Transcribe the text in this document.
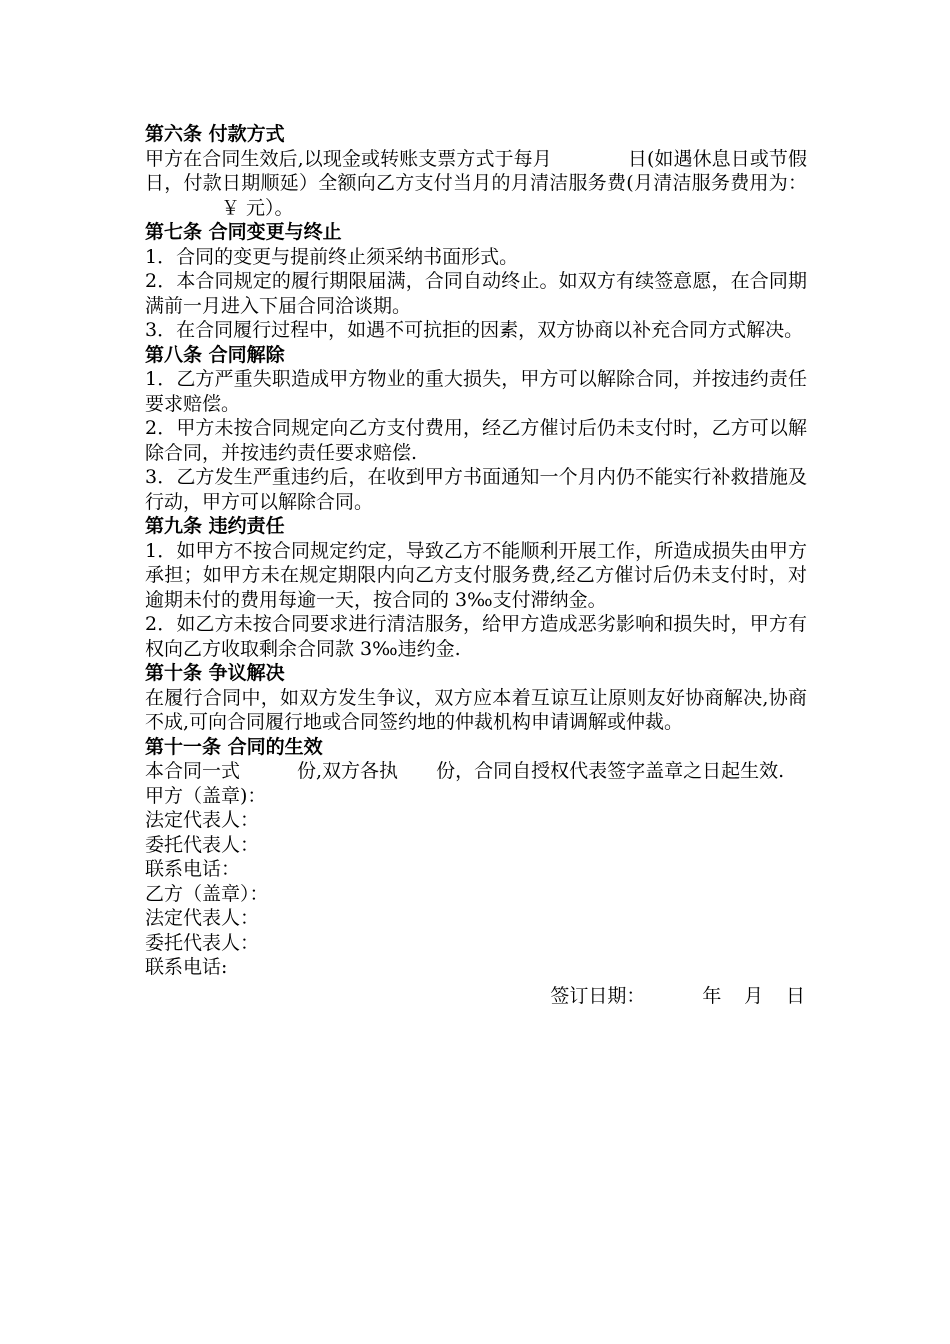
第六条 付款方式
甲方在合同生效后,以现金或转账支票方式于每月	日(如遇休息日或节假日，付款日期顺延）全额向乙方支付当月的月清洁服务费(月清洁服务费用为：￥ 元）。
第七条 合同变更与终止
1．合同的变更与提前终止须采纳书面形式。
2．本合同规定的履行期限届满，合同自动终止。如双方有续签意愿，在合同期满前一月进入下届合同洽谈期。
3．在合同履行过程中，如遇不可抗拒的因素，双方协商以补充合同方式解决。
第八条 合同解除
1．乙方严重失职造成甲方物业的重大损失，甲方可以解除合同，并按违约责任要求赔偿。
2．甲方未按合同规定向乙方支付费用，经乙方催讨后仍未支付时，乙方可以解除合同，并按违约责任要求赔偿.
3．乙方发生严重违约后，在收到甲方书面通知一个月内仍不能实行补救措施及行动，甲方可以解除合同。
第九条 违约责任
1．如甲方不按合同规定约定，导致乙方不能顺利开展工作，所造成损失由甲方承担；如甲方未在规定期限内向乙方支付服务费,经乙方催讨后仍未支付时，对逾期未付的费用每逾一天，按合同的 3‰支付滞纳金。
2．如乙方未按合同要求进行清洁服务，给甲方造成恶劣影响和损失时，甲方有权向乙方收取剩余合同款 3‰违约金.
第十条 争议解决
在履行合同中，如双方发生争议，双方应本着互谅互让原则友好协商解决,协商不成,可向合同履行地或合同签约地的仲裁机构申请调解或仲裁。
第十一条 合同的生效
本合同一式	份,双方各执 份，合同自授权代表签字盖章之日起生效.
甲方（盖章)：
法定代表人：
委托代表人：
联系电话：
乙方（盖章）：
法定代表人：
委托代表人：
联系电话:
签订日期：	年 月 日
